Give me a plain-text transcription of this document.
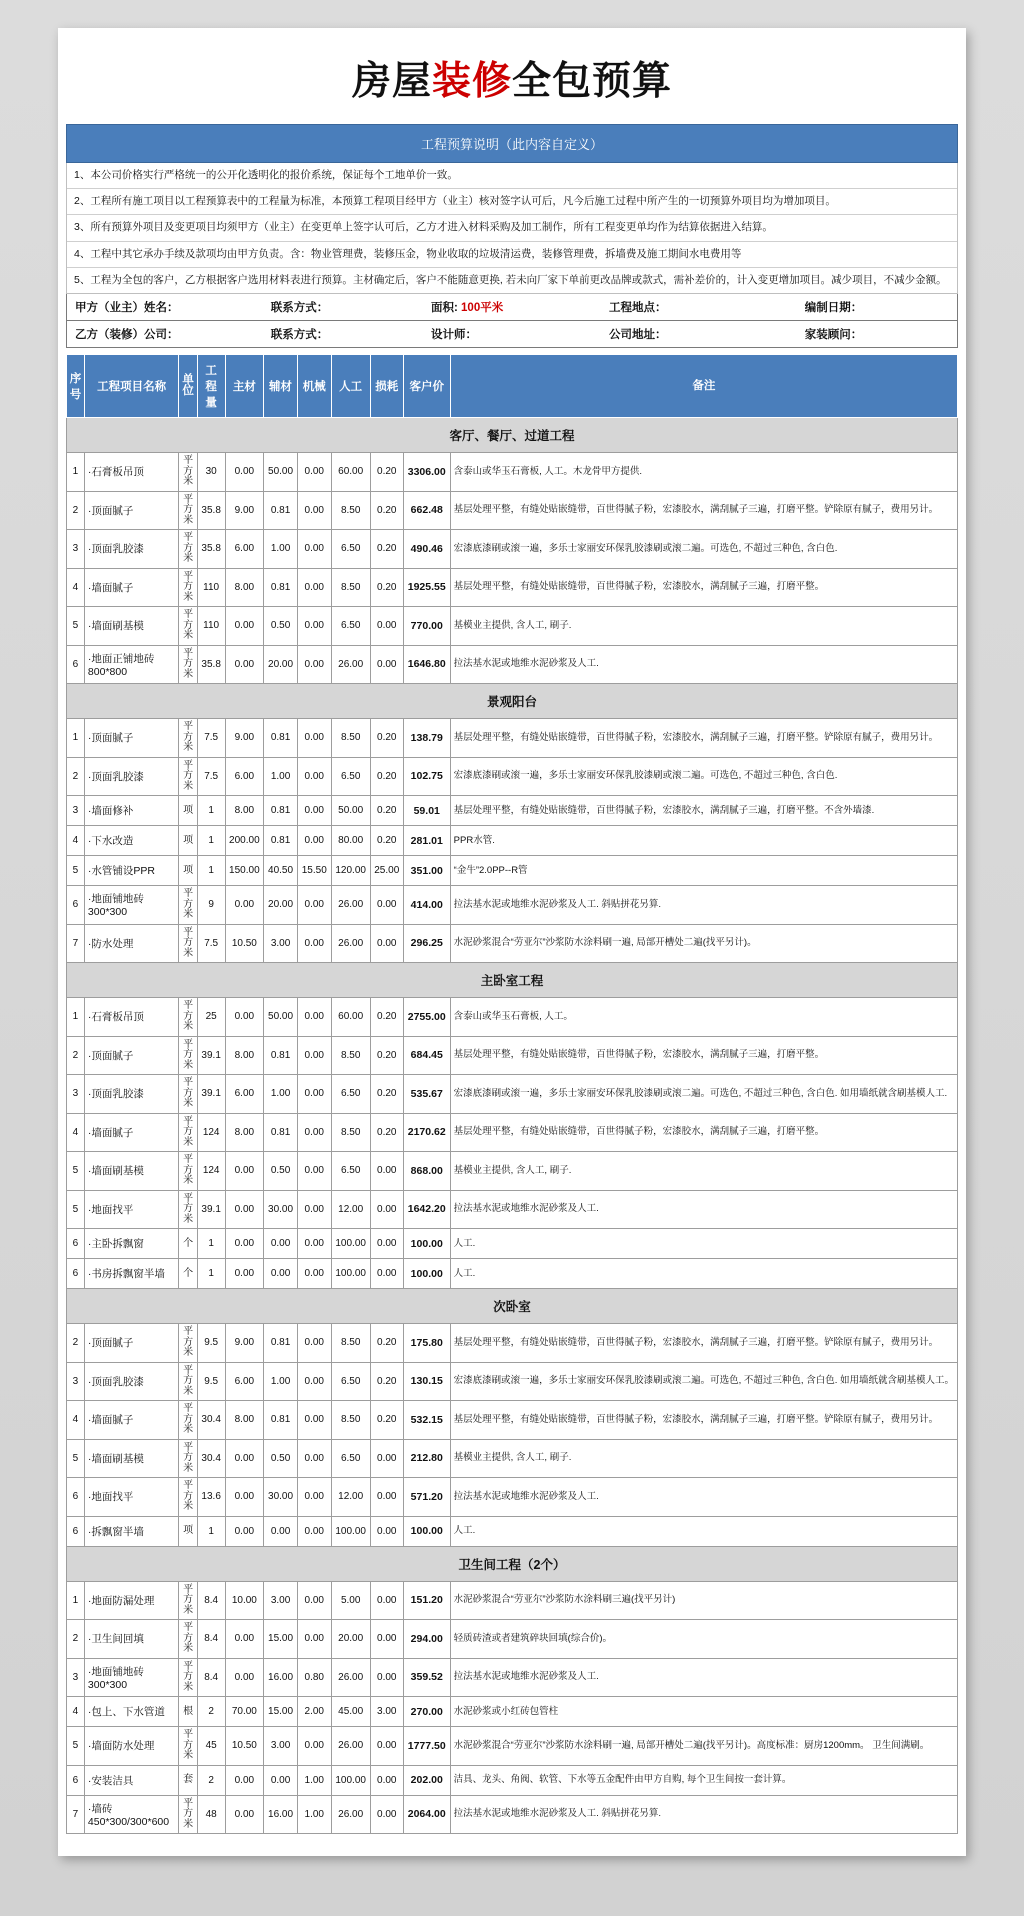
房屋装修全包预算
工程预算说明（此内容自定义）
1、本公司价格实行严格统一的公开化透明化的报价系统，保证每个工地单价一致。
2、工程所有施工项目以工程预算表中的工程量为标准，本预算工程项目经甲方（业主）核对签字认可后，凡今后施工过程中所产生的一切预算外项目均为增加项目。
3、所有预算外项目及变更项目均须甲方（业主）在变更单上签字认可后，乙方才进入材料采购及加工制作，所有工程变更单均作为结算依据进入结算。
4、工程中其它承办手续及款项均由甲方负责。含：物业管理费，装修压金，物业收取的垃圾清运费，装修管理费，拆墙费及施工期间水电费用等
5、工程为全包的客户，乙方根据客户选用材料表进行预算。主材确定后，客户不能随意更换, 若未向厂家下单前更改品牌或款式，需补差价的，计入变更增加项目。减少项目，不减少金额。
甲方（业主）姓名：	联系方式：	面积: 100平米	工程地点：	编制日期：
乙方（装修）公司：	联系方式：	设计师：	公司地址：	家装顾问：
序号	工程项目名称	单位	工程量	主材	辅材	机械	人工	损耗	客户价	备注
客厅、餐厅、过道工程										
1	·石膏板吊顶	平方
米	30	0.00	50.00	0.00	60.00	0.20	3306.00	含泰山或华玉石膏板, 人工。木龙骨甲方提供.
2	·顶面腻子	平方
米	35.8	9.00	0.81	0.00	8.50	0.20	662.48	基层处理平整，有缝处贴嵌缝带，百世得腻子粉，宏漆胶水，满刮腻子三遍，打磨平整。铲除原有腻子，费用另计。
3	·顶面乳胶漆	平方
米	35.8	6.00	1.00	0.00	6.50	0.20	490.46	宏漆底漆刷或滚一遍，多乐士家丽安环保乳胶漆刷或滚二遍。可选色, 不超过三种色, 含白色.
4	·墙面腻子	平方
米	110	8.00	0.81	0.00	8.50	0.20	1925.55	基层处理平整，有缝处贴嵌缝带，百世得腻子粉，宏漆胶水，满刮腻子三遍，打磨平整。
5	·墙面刷基模	平方
米	110	0.00	0.50	0.00	6.50	0.00	770.00	基模业主提供, 含人工, 刷子.
6	·地面正铺地砖800*800	平方
米	35.8	0.00	20.00	0.00	26.00	0.00	1646.80	拉法基水泥或地维水泥砂浆及人工.
景观阳台										
1	·顶面腻子	平方
米	7.5	9.00	0.81	0.00	8.50	0.20	138.79	基层处理平整，有缝处贴嵌缝带，百世得腻子粉，宏漆胶水，满刮腻子三遍，打磨平整。铲除原有腻子，费用另计。
2	·顶面乳胶漆	平方
米	7.5	6.00	1.00	0.00	6.50	0.20	102.75	宏漆底漆刷或滚一遍，多乐士家丽安环保乳胶漆刷或滚二遍。可选色, 不超过三种色, 含白色.
3	·墙面修补	项	1	8.00	0.81	0.00	50.00	0.20	59.01	基层处理平整，有缝处贴嵌缝带，百世得腻子粉，宏漆胶水，满刮腻子三遍，打磨平整。不含外墙漆.
4	·下水改造	项	1	200.00	0.81	0.00	80.00	0.20	281.01	PPR水管.
5	·水管铺设PPR	项	1	150.00	40.50	15.50	120.00	25.00	351.00	“金牛”2.0PP--R管
6	·地面铺地砖300*300	平方
米	9	0.00	20.00	0.00	26.00	0.00	414.00	拉法基水泥或地维水泥砂浆及人工. 斜贴拼花另算.
7	·防水处理	平方
米	7.5	10.50	3.00	0.00	26.00	0.00	296.25	水泥砂浆混合“劳亚尔”沙浆防水涂料刷一遍, 局部开槽处二遍(找平另计)。
主卧室工程										
1	·石膏板吊顶	平方
米	25	0.00	50.00	0.00	60.00	0.20	2755.00	含泰山或华玉石膏板, 人工。
2	·顶面腻子	平方
米	39.1	8.00	0.81	0.00	8.50	0.20	684.45	基层处理平整，有缝处贴嵌缝带，百世得腻子粉，宏漆胶水，满刮腻子三遍，打磨平整。
3	·顶面乳胶漆	平方
米	39.1	6.00	1.00	0.00	6.50	0.20	535.67	宏漆底漆刷或滚一遍，多乐士家丽安环保乳胶漆刷或滚二遍。可选色, 不超过三种色, 含白色. 如用墙纸就含刷基模人工.
4	·墙面腻子	平方
米	124	8.00	0.81	0.00	8.50	0.20	2170.62	基层处理平整，有缝处贴嵌缝带，百世得腻子粉，宏漆胶水，满刮腻子三遍，打磨平整。
5	·墙面刷基模	平方
米	124	0.00	0.50	0.00	6.50	0.00	868.00	基模业主提供, 含人工, 刷子.
5	·地面找平	平方
米	39.1	0.00	30.00	0.00	12.00	0.00	1642.20	拉法基水泥或地维水泥砂浆及人工.
6	·主卧拆飘窗	个	1	0.00	0.00	0.00	100.00	0.00	100.00	人工.
6	·书房拆飘窗半墙	个	1	0.00	0.00	0.00	100.00	0.00	100.00	人工.
次卧室										
2	·顶面腻子	平方
米	9.5	9.00	0.81	0.00	8.50	0.20	175.80	基层处理平整，有缝处贴嵌缝带，百世得腻子粉，宏漆胶水，满刮腻子三遍，打磨平整。铲除原有腻子，费用另计。
3	·顶面乳胶漆	平方
米	9.5	6.00	1.00	0.00	6.50	0.20	130.15	宏漆底漆刷或滚一遍，多乐士家丽安环保乳胶漆刷或滚二遍。可选色, 不超过三种色, 含白色. 如用墙纸就含刷基模人工。
4	·墙面腻子	平方
米	30.4	8.00	0.81	0.00	8.50	0.20	532.15	基层处理平整，有缝处贴嵌缝带，百世得腻子粉，宏漆胶水，满刮腻子三遍，打磨平整。铲除原有腻子，费用另计。
5	·墙面刷基模	平方
米	30.4	0.00	0.50	0.00	6.50	0.00	212.80	基模业主提供, 含人工, 刷子.
6	·地面找平	平方
米	13.6	0.00	30.00	0.00	12.00	0.00	571.20	拉法基水泥或地维水泥砂浆及人工.
6	·拆飘窗半墙	项	1	0.00	0.00	0.00	100.00	0.00	100.00	人工.
卫生间工程（2个）										
1	·地面防漏处理	平方
米	8.4	10.00	3.00	0.00	5.00	0.00	151.20	水泥砂浆混合“劳亚尔”沙浆防水涂料刷三遍(找平另计)
2	·卫生间回填	平方
米	8.4	0.00	15.00	0.00	20.00	0.00	294.00	轻质砖渣或者建筑碎块回填(综合价)。
3	·地面铺地砖300*300	平方
米	8.4	0.00	16.00	0.80	26.00	0.00	359.52	拉法基水泥或地维水泥砂浆及人工.
4	·包上、下水管道	根	2	70.00	15.00	2.00	45.00	3.00	270.00	水泥砂浆或小红砖包管柱
5	·墙面防水处理	平方
米	45	10.50	3.00	0.00	26.00	0.00	1777.50	水泥砂浆混合“劳亚尔”沙浆防水涂料刷一遍, 局部开槽处二遍(找平另计)。高度标准：厨房1200mm。 卫生间满刷。
6	·安装洁具	套	2	0.00	0.00	1.00	100.00	0.00	202.00	洁具、龙头、角阀、软管、下水等五金配件由甲方自购, 每个卫生间按一套计算。
7	·墙砖 450*300/300*600	平方
米	48	0.00	16.00	1.00	26.00	0.00	2064.00	拉法基水泥或地维水泥砂浆及人工. 斜贴拼花另算.
